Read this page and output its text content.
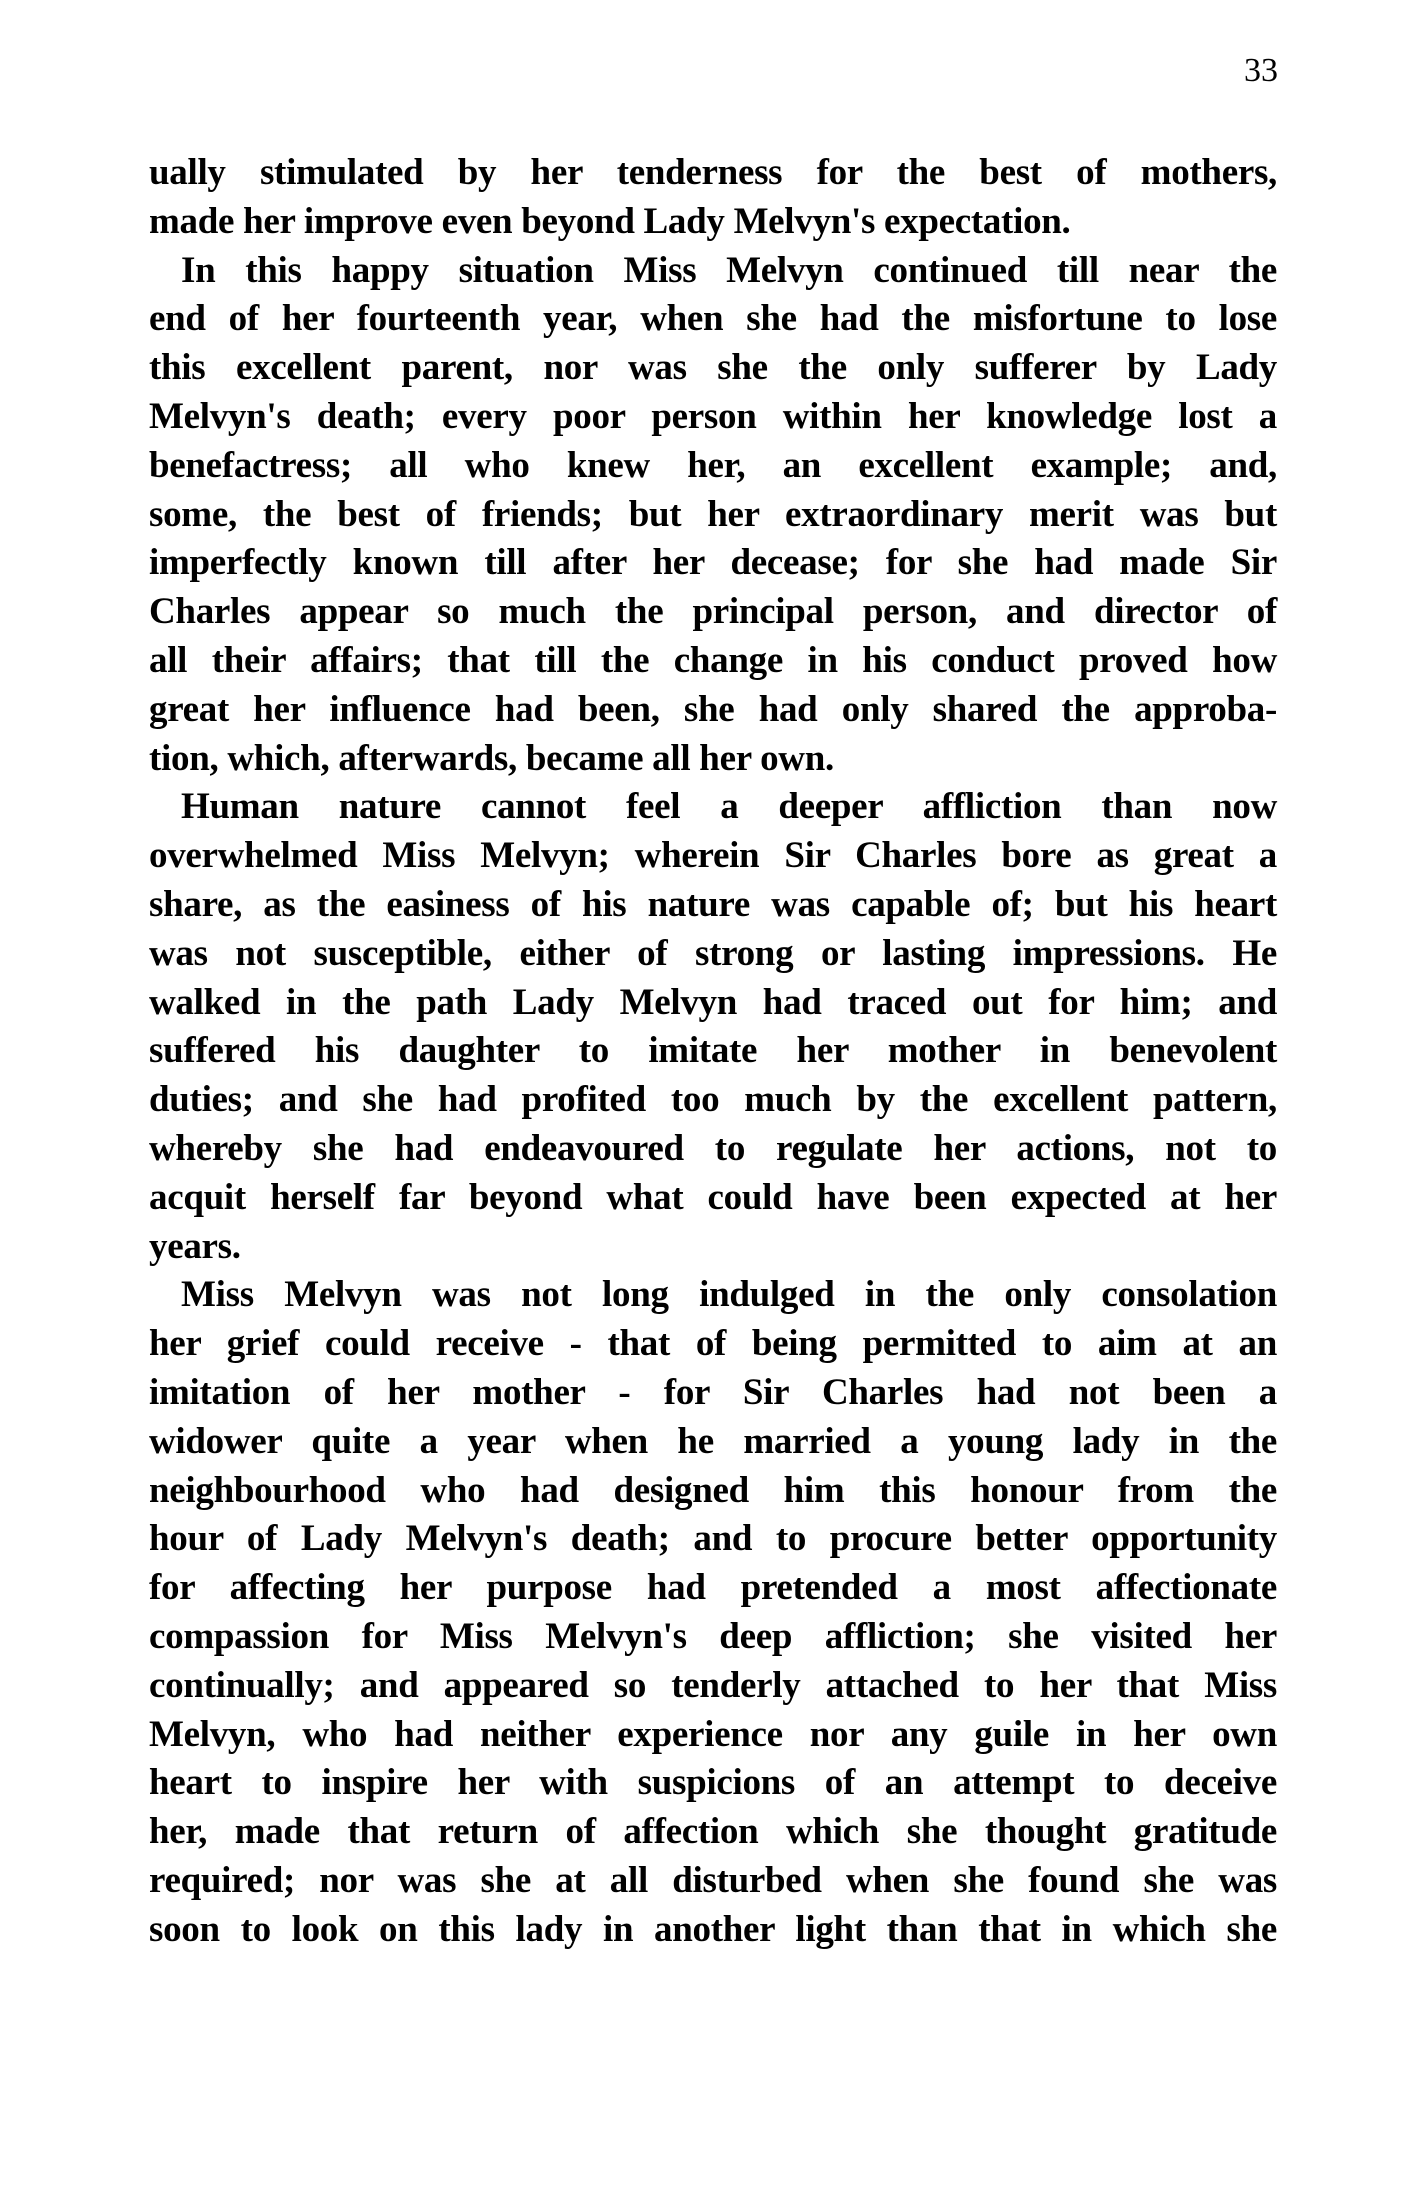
33
ually stimulated by her tenderness for the best of mothers,
made her improve even beyond Lady Melvyn's expectation.
In this happy situation Miss Melvyn continued till near the
end of her fourteenth year, when she had the misfortune to lose
this excellent parent, nor was she the only sufferer by Lady
Melvyn's death; every poor person within her knowledge lost a
benefactress; all who knew her, an excellent example; and,
some, the best of friends; but her extraordinary merit was but
imperfectly known till after her decease; for she had made Sir
Charles appear so much the principal person, and director of
all their affairs; that till the change in his conduct proved how
great her influence had been, she had only shared the approba-
tion, which, afterwards, became all her own.
Human nature cannot feel a deeper affliction than now
overwhelmed Miss Melvyn; wherein Sir Charles bore as great a
share, as the easiness of his nature was capable of; but his heart
was not susceptible, either of strong or lasting impressions. He
walked in the path Lady Melvyn had traced out for him; and
suffered his daughter to imitate her mother in benevolent
duties; and she had profited too much by the excellent pattern,
whereby she had endeavoured to regulate her actions, not to
acquit herself far beyond what could have been expected at her
years.
Miss Melvyn was not long indulged in the only consolation
her grief could receive - that of being permitted to aim at an
imitation of her mother - for Sir Charles had not been a
widower quite a year when he married a young lady in the
neighbourhood who had designed him this honour from the
hour of Lady Melvyn's death; and to procure better opportunity
for affecting her purpose had pretended a most affectionate
compassion for Miss Melvyn's deep affliction; she visited her
continually; and appeared so tenderly attached to her that Miss
Melvyn, who had neither experience nor any guile in her own
heart to inspire her with suspicions of an attempt to deceive
her, made that return of affection which she thought gratitude
required; nor was she at all disturbed when she found she was
soon to look on this lady in another light than that in which she
